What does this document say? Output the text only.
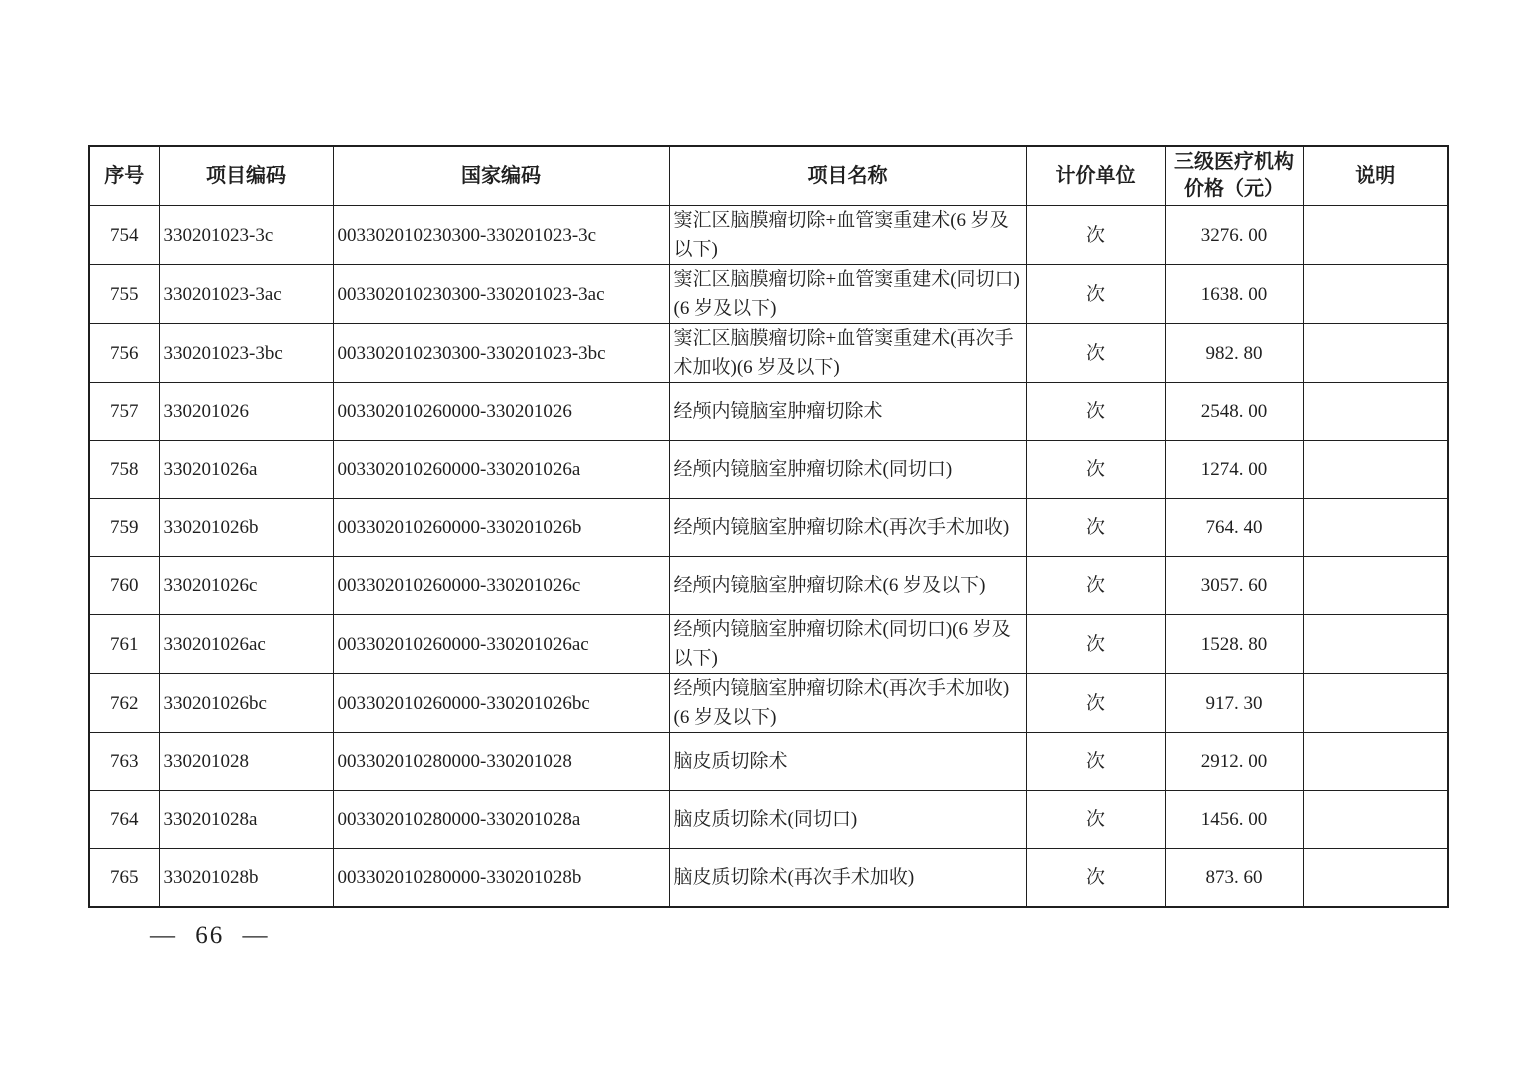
序号	项目编码	国家编码	项目名称	计价单位	三级医疗机构价格（元）	说明
754	330201023-3c	003302010230300-330201023-3c	窦汇区脑膜瘤切除+血管窦重建术(6 岁及以下)	次	3276. 00	
755	330201023-3ac	003302010230300-330201023-3ac	窦汇区脑膜瘤切除+血管窦重建术(同切口)(6 岁及以下)	次	1638. 00	
756	330201023-3bc	003302010230300-330201023-3bc	窦汇区脑膜瘤切除+血管窦重建术(再次手术加收)(6 岁及以下)	次	982. 80	
757	330201026	003302010260000-330201026	经颅内镜脑室肿瘤切除术	次	2548. 00	
758	330201026a	003302010260000-330201026a	经颅内镜脑室肿瘤切除术(同切口)	次	1274. 00	
759	330201026b	003302010260000-330201026b	经颅内镜脑室肿瘤切除术(再次手术加收)	次	764. 40	
760	330201026c	003302010260000-330201026c	经颅内镜脑室肿瘤切除术(6 岁及以下)	次	3057. 60	
761	330201026ac	003302010260000-330201026ac	经颅内镜脑室肿瘤切除术(同切口)(6 岁及以下)	次	1528. 80	
762	330201026bc	003302010260000-330201026bc	经颅内镜脑室肿瘤切除术(再次手术加收)(6 岁及以下)	次	917. 30	
763	330201028	003302010280000-330201028	脑皮质切除术	次	2912. 00	
764	330201028a	003302010280000-330201028a	脑皮质切除术(同切口)	次	1456. 00	
765	330201028b	003302010280000-330201028b	脑皮质切除术(再次手术加收)	次	873. 60	
— 66 —
